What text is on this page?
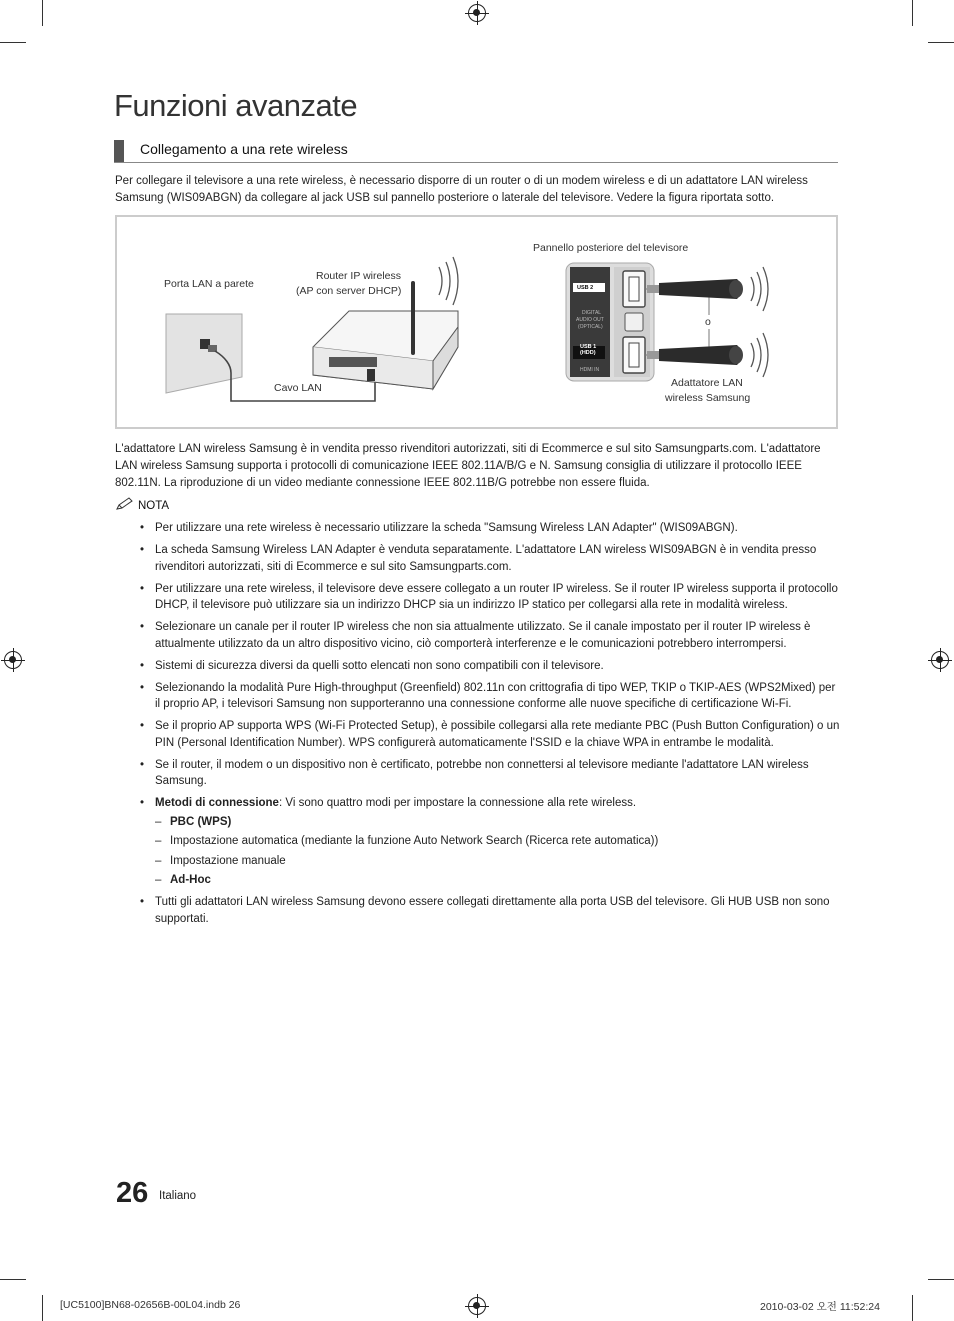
Funzioni avanzate
Collegamento a una rete wireless

Per collegare il televisore a una rete wireless, è necessario disporre di un router o di un modem wireless e di un adattatore LAN wireless Samsung (WIS09ABGN) da collegare al jack USB sul pannello posteriore o laterale del televisore. Vedere la figura riportata sotto.

USB 2
DIGITAL
AUDIO OUT
(OPTICAL)
USB 1
(HDD)
HDMI IN
Porta LAN a parete
Router IP wireless
(AP con server DHCP)
Cavo LAN
Pannello posteriore del televisore
o
Adattatore LAN
wireless Samsung

L'adattatore LAN wireless Samsung è in vendita presso rivenditori autorizzati, siti di Ecommerce e sul sito Samsungparts.com. L'adattatore LAN wireless Samsung supporta i protocolli di comunicazione IEEE 802.11A/B/G e N. Samsung consiglia di utilizzare il protocollo IEEE 802.11N. La riproduzione di un video mediante connessione IEEE 802.11B/G potrebbe non essere fluida.

NOTA
• Per utilizzare una rete wireless è necessario utilizzare la scheda "Samsung Wireless LAN Adapter" (WIS09ABGN).
• La scheda Samsung Wireless LAN Adapter è venduta separatamente. L'adattatore LAN wireless WIS09ABGN è in vendita presso rivenditori autorizzati, siti di Ecommerce e sul sito Samsungparts.com.
• Per utilizzare una rete wireless, il televisore deve essere collegato a un router IP wireless. Se il router IP wireless supporta il protocollo DHCP, il televisore può utilizzare sia un indirizzo DHCP sia un indirizzo IP statico per collegarsi alla rete in modalità wireless.
• Selezionare un canale per il router IP wireless che non sia attualmente utilizzato. Se il canale impostato per il router IP wireless è attualmente utilizzato da un altro dispositivo vicino, ciò comporterà interferenze e le comunicazioni potrebbero interrompersi.
• Sistemi di sicurezza diversi da quelli sotto elencati non sono compatibili con il televisore.
• Selezionando la modalità Pure High-throughput (Greenfield) 802.11n con crittografia di tipo WEP, TKIP o TKIP-AES (WPS2Mixed) per il proprio AP, i televisori Samsung non supporteranno una connessione conforme alle nuove specifiche di certificazione Wi-Fi.
• Se il proprio AP supporta WPS (Wi-Fi Protected Setup), è possibile collegarsi alla rete mediante PBC (Push Button Configuration) o un PIN (Personal Identification Number). WPS configurerà automaticamente l'SSID e la chiave WPA in entrambe le modalità.
• Se il router, il modem o un dispositivo non è certificato, potrebbe non connettersi al televisore mediante l'adattatore LAN wireless Samsung.
• Metodi di connessione: Vi sono quattro modi per impostare la connessione alla rete wireless.
– PBC (WPS)
– Impostazione automatica (mediante la funzione Auto Network Search (Ricerca rete automatica))
– Impostazione manuale
– Ad-Hoc
• Tutti gli adattatori LAN wireless Samsung devono essere collegati direttamente alla porta USB del televisore. Gli HUB USB non sono supportati.
26 Italiano
[UC5100]BN68-02656B-00L04.indb 26	2010-03-02 오전 11:52:24
